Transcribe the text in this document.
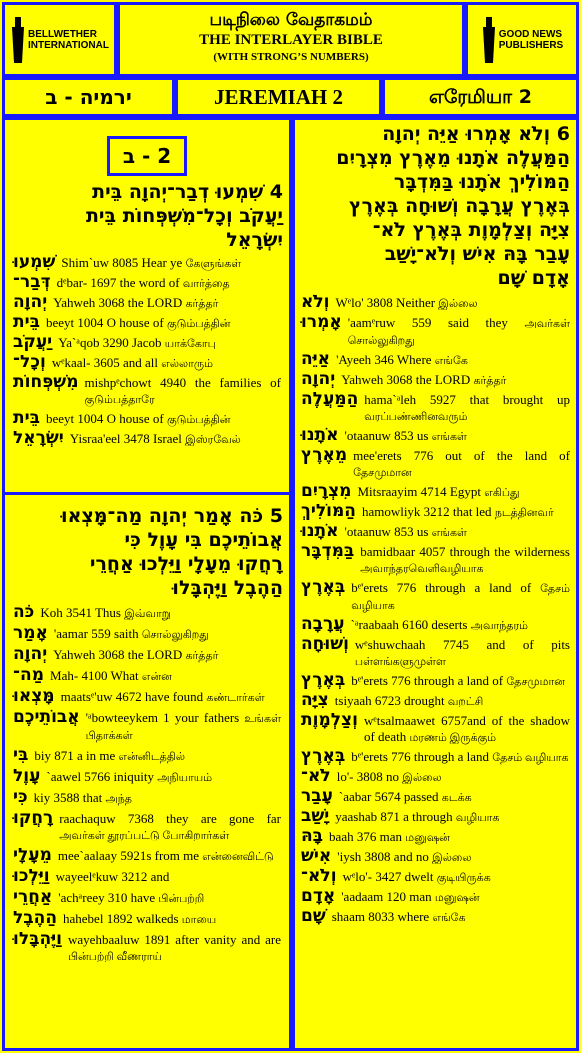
BELLWETHER
INTERNATIONAL
படிநிலை வேதாகமம்
THE INTERLAYER BIBLE
(WITH STRONG’S NUMBERS)
GOOD NEWS
PUBLISHERS
ירמיה - ב	JEREMIAH 2	எரேமியா 2
2 - ב
4 שִׁמְעוּ דְבַר־יְהוָה בֵּית
יַעֲקֹב וְכָל־מִשְׁפְּחוֹת בֵּית
יִשְׂרָאֵל
שִׁמְעוּ Shim`uw 8085 Hear ye கேளுங்கள்
דְּבַר־ dᵉbar- 1697 the word of வார்த்தை
יְהוָה Yahweh 3068 the LORD கர்த்தர்
בֵּית beeyt 1004 O house of குடும்பத்தின்
יַעֲקֹב Ya`ᵃqob 3290 Jacob யாக்கோபு
וְכָל־ wᵉkaal- 3605 and all எல்லாரும்
מִשְׁפְּחוֹת mishpᵉchowt 4940 the families of குடும்பத்தாரே
בֵּית beeyt 1004 O house of குடும்பத்தின்
יִשְׂרָאֵל Yisraa'eel 3478 Israel இஸ்ரவேல்
5 כֹּה אָמַר יְהוָה מַה־מָּצְאוּ
אֲבוֹתֵיכֶם בִּי עָוֶל כִּי
רָחֲקוּ מֵעָלָי וַיֵּלְכוּ אַחֲרֵי
הַהֶבֶל וַיֶּהְבָּלוּ
כֹּה Koh 3541 Thus இவ்வாறு
אָמַר 'aamar 559 saith சொல்லுகிறது
יְהוָה Yahweh 3068 the LORD கர்த்தர்
מַה־ Mah- 4100 What என்ன
מָּצְאוּ maatsᵉ'uw 4672 have found கண்டார்கள்
אֲבוֹתֵיכֶם 'ᵃbowteeykem 1 your fathers உங்கள் பிதாக்கள்
בִּי biy 871 a in me என்னிடத்தில்
עָוֶל `aawel 5766 iniquity அநியாயம்
כִּי kiy 3588 that அந்த
רָחֲקוּ raachaquw 7368 they are gone far அவர்கள் தூரப்பட்டு போகிறார்கள்
מֵעָלָי mee`aalaay 5921s from me என்னைவிட்டு
וַיֵּלְכוּ wayeelᵉkuw 3212 and
אַחֲרֵי 'achᵃreey 310 have பின்பற்றி
הַהֶבֶל hahebel 1892 walkeds மாயை
וַיֶּהְבָּלוּ wayehbaaluw 1891 after vanity and are பின்பற்றி வீணராய்
6 וְלֹא אָמְרוּ אַיֵּה יְהוָה
הַמַּעֲלֶה אֹתָנוּ מֵאֶרֶץ מִצְרָיִם
הַמּוֹלִיךְ אֹתָנוּ בַּמִּדְבָּר
בְּאֶרֶץ עֲרָבָה וְשׁוּחָה בְּאֶרֶץ
צִיָּה וְצַלְמָוֶת בְּאֶרֶץ לֹא־
עָבַר בָּהּ אִישׁ וְלֹא־יָשַׁב
אָדָם שָׁם
וְלֹא Wᵉlo' 3808 Neither இல்லை
אָמְרוּ 'aamᵉruw 559 said they அவர்கள் சொல்லுகிறது
אַיֵּה 'Ayeeh 346 Where எங்கே
יְהוָה Yahweh 3068 the LORD கர்த்தர்
הַמַּעֲלֶה hama`ᵃleh 5927 that brought up வரப்பண்ணினவரும்
אֹתָנוּ 'otaanuw 853 us எங்கள்
מֵאֶרֶץ mee'erets 776 out of the land of தேசமுமான
מִצְרָיִם Mitsraayim 4714 Egypt எகிப்து
הַמּוֹלִיךְ hamowliyk 3212 that led நடத்தினவர்
אֹתָנוּ 'otaanuw 853 us எங்கள்
בַּמִּדְבָּר bamidbaar 4057 through the wilderness அவாந்தரவெளிவழியாக
בְּאֶרֶץ bᵉ'erets 776 through a land of தேசம் வழியாக
עֲרָבָה `ᵃraabaah 6160 deserts அவாந்தரம்
וְשׁוּחָה wᵉshuwchaah 7745 and of pits பள்ளங்களுமுள்ள
בְּאֶרֶץ bᵉ'erets 776 through a land of தேசமுமான
צִיָּה tsiyaah 6723 drought வறட்சி
וְצַלְמָוֶת wᵉtsalmaawet 6757and of the shadow of death மரணம் இருக்கும்
בְּאֶרֶץ bᵉ'erets 776 through a land தேசம் வழியாக
לֹא־ lo'- 3808 no இல்லை
עָבַר `aabar 5674 passed கடக்க
יָשַׁב yaashab 871 a through வழியாக
בָּהּ baah 376 man மனுஷன்
אִישׁ 'iysh 3808 and no இல்லை
וְלֹא־ wᵉlo'- 3427 dwelt குடியிருக்க
אָדָם 'aadaam 120 man மனுஷன்
שָׁם shaam 8033 where எங்கே
